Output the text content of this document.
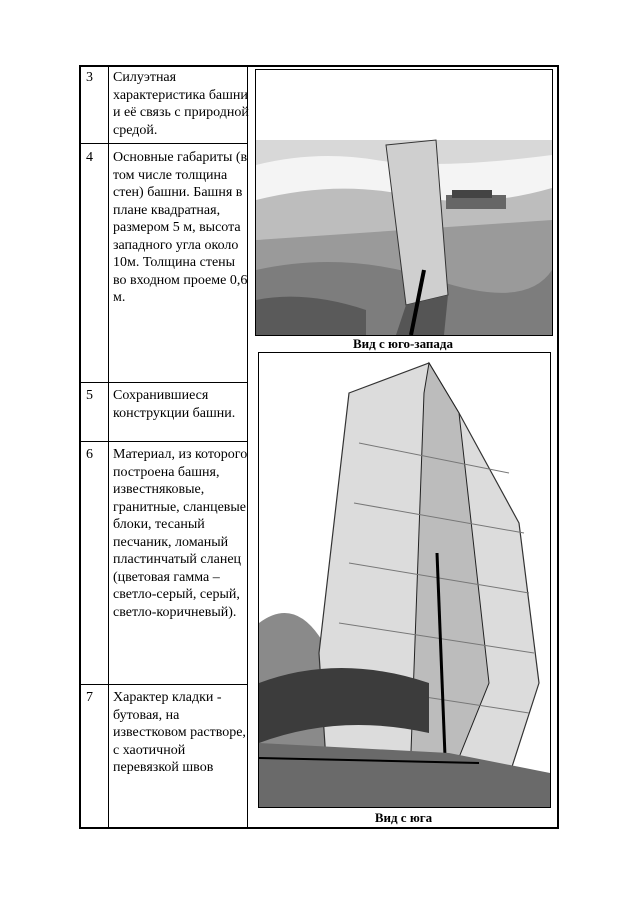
3	Силуэтная характеристика башни и её связь с природной средой.
4	Основные габариты (в том числе толщина стен) башни. Башня в плане квадратная, размером 5 м, высота западного угла около 10м. Толщина стены во входном проеме 0,6 м.
5	Сохранившиеся конструкции башни.
6	Материал, из которого построена башня, известняковые, гранитные, сланцевые блоки, тесаный песчаник, ломаный пластинчатый сланец (цветовая гамма – светло-серый, серый, светло-коричневый).
7	Характер кладки - бутовая, на известковом растворе, с хаотичной перевязкой швов
Вид с юго-запада
Вид с юга
